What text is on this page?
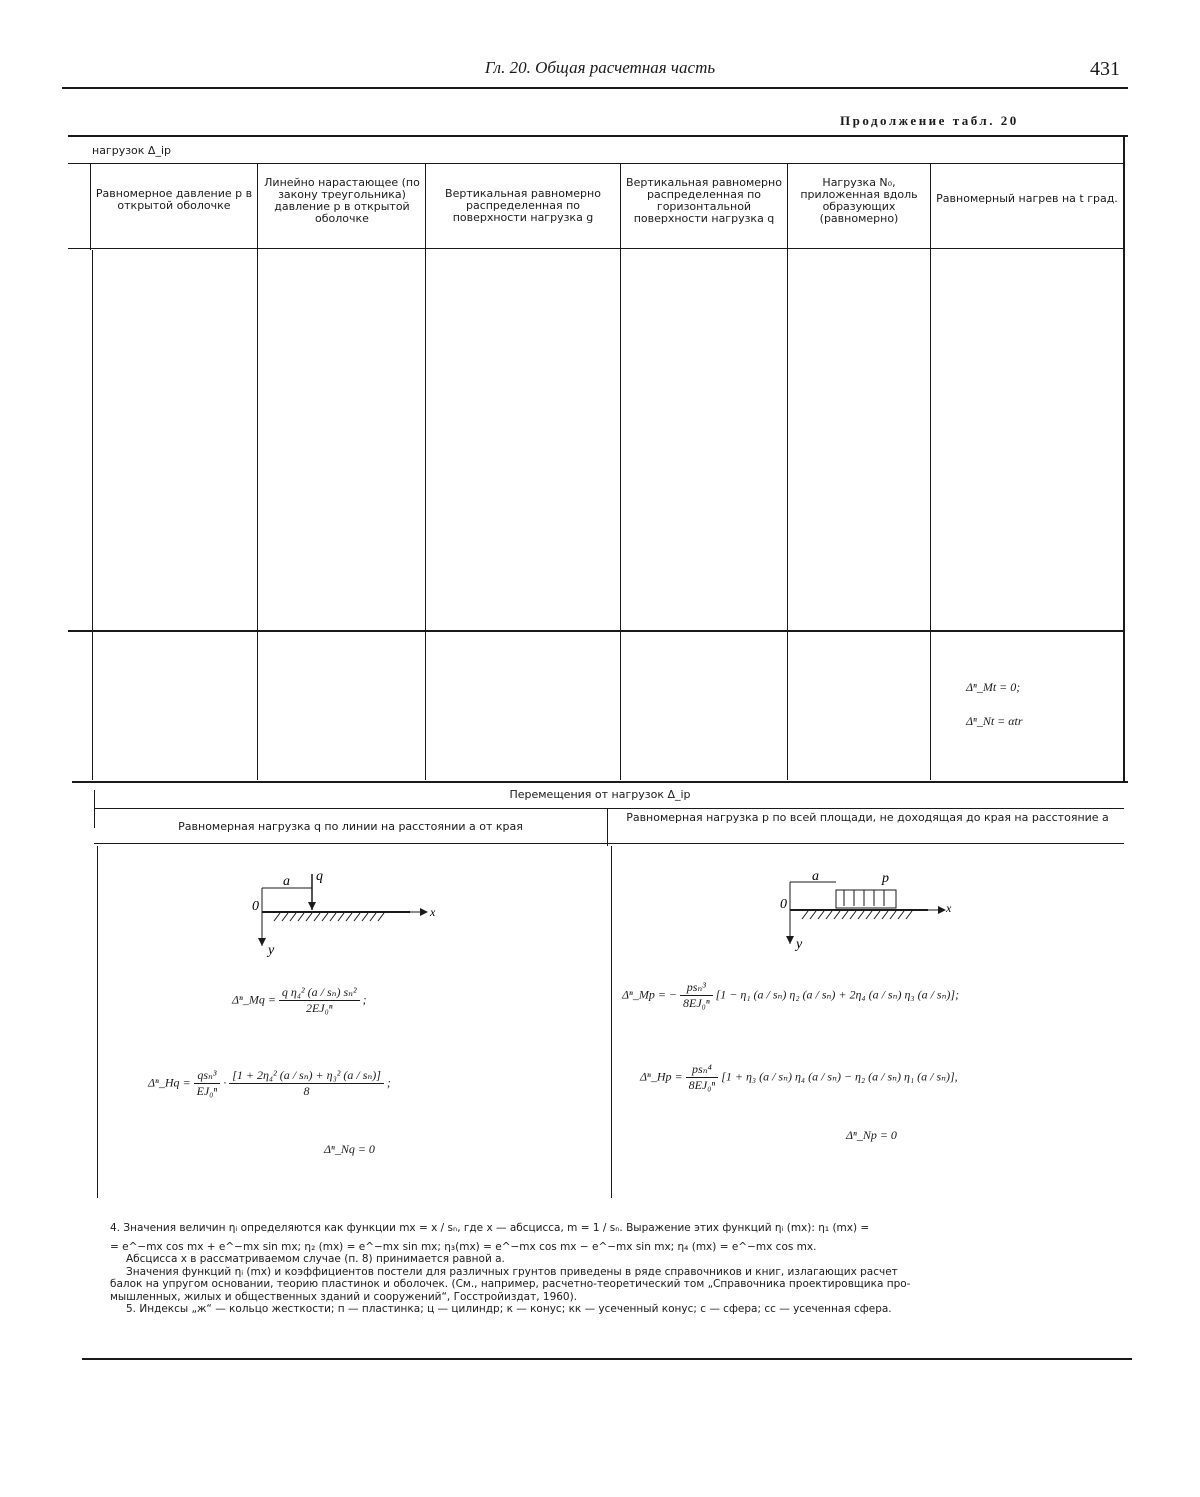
Гл. 20. Общая расчетная часть	431
Продолжение табл. 20
нагрузок Δ_ip
Равномерное давление p в открытой оболочке
Линейно нарастающее (по закону треугольника) давление p в открытой оболочке
Вертикальная равномерно распределенная по поверхности нагрузка g
Вертикальная равномерно распределенная по горизонтальной поверхности нагрузка q
Нагрузка N₀, приложенная вдоль образующих (равномерно)
Равномерный нагрев на t град.
Δⁿ_Mt = 0;
Δⁿ_Nt = αtr
Перемещения от нагрузок Δ_ip
Равномерная нагрузка q по линии на расстоянии a от края
Равномерная нагрузка p по всей площади, не доходящая до края на расстояние a
0
a q
x
y
0
a	p
x
y
Δⁿ_Mq = $\frac{\text{q η₄² (a / sₙ) sₙ²}}{\text{2EJ₀ⁿ}}$ ;
Δⁿ_Hq = $\frac{\text{qsₙ³}}{\text{EJ₀ⁿ}} \cdot \frac{\text{[1 + 2η₄² (a / sₙ) + η₃² (a / sₙ)]}}{8}$ ;
Δⁿ_Nq = 0
Δⁿ_Mp = − $\frac{\text{psₙ³}}{\text{8EJ₀ⁿ}} [1 - \eta_1$ (a / sₙ) η₂ (a / sₙ) + 2η₄ (a / sₙ) η₃ (a / sₙ)];
Δⁿ_Hp = $\frac{\text{psₙ⁴}}{\text{8EJ₀ⁿ}} [1 + \eta_3$ (a / sₙ) η₄ (a / sₙ) − η₂ (a / sₙ) η₁ (a / sₙ)],
Δⁿ_Np = 0
4. Значения величин ηᵢ определяются как функции mx = x / sₙ, где x — абсцисса, m = 1 / sₙ. Выражение этих функций ηᵢ (mx): η₁ (mx) =
= e^−mx cos mx + e^−mx sin mx; η₂ (mx) = e^−mx sin mx; η₃(mx) = e^−mx cos mx − e^−mx sin mx; η₄ (mx) = e^−mx cos mx.
Абсцисса x в рассматриваемом случае (п. 8) принимается равной a.
Значения функций ηᵢ (mx) и коэффициентов постели для различных грунтов приведены в ряде справочников и книг, излагающих расчет
балок на упругом основании, теорию пластинок и оболочек. (См., например, расчетно-теоретический том „Справочника проектировщика про-
мышленных, жилых и общественных зданий и сооружений“, Госстройиздат, 1960).
5. Индексы „ж“ — кольцо жесткости; п — пластинка; ц — цилиндр; к — конус; кк — усеченный конус; с — сфера; сс — усеченная сфера.
